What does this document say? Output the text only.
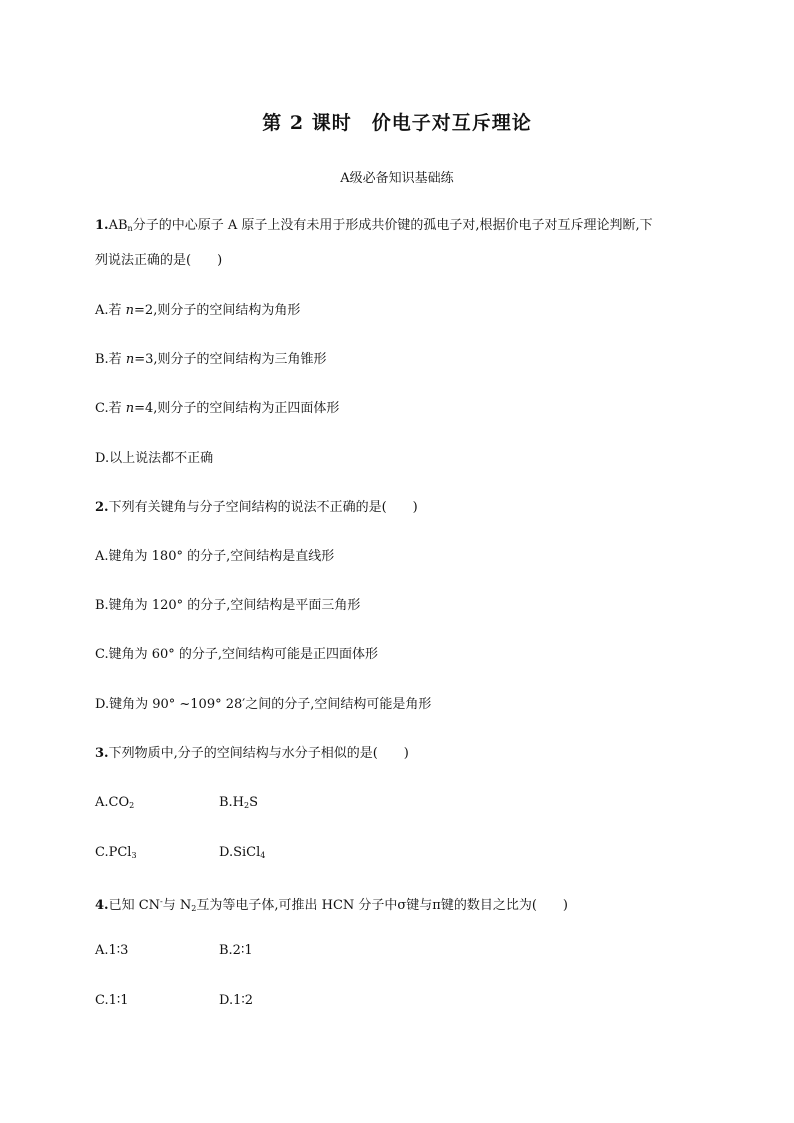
第 2 课时　价电子对互斥理论
A级必备知识基础练
$1.AB_n$分子的中心原子 A 原子上没有未用于形成共价键的孤电子对,根据价电子对互斥理论判断,下
列说法正确的是(　　)
A.若 n=2,则分子的空间结构为角形
B.若 n=3,则分子的空间结构为三角锥形
C.若 n=4,则分子的空间结构为正四面体形
D.以上说法都不正确
2.下列有关键角与分子空间结构的说法不正确的是(　　)
A.键角为 180° 的分子,空间结构是直线形
B.键角为 120° 的分子,空间结构是平面三角形
C.键角为 60° 的分子,空间结构可能是正四面体形
D.键角为 90° ~109° 28′之间的分子,空间结构可能是角形
3.下列物质中,分子的空间结构与水分子相似的是(　　)
$A.CO_2$	$B.H_2S$
C.PCl$_3$	D.SiCl$_4$
4.已知 CN-与 $N_2$互为等电子体,可推出 HCN 分子中σ键与π键的数目之比为(　　)
A.1∶3	B.2∶1
C.1∶1	D.1∶2
